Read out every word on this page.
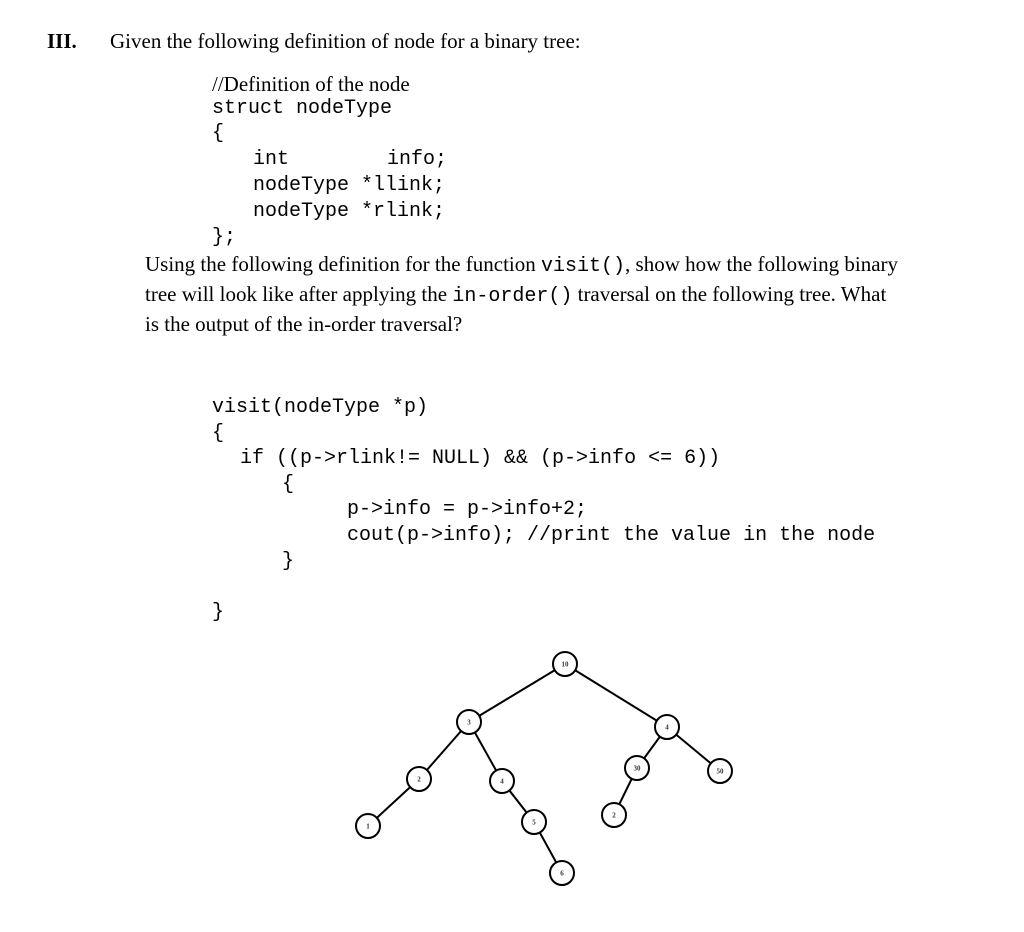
III. Given the following definition of node for a binary tree:
//Definition of the node
struct nodeType
{
int	info;
nodeType *llink;
nodeType *rlink;
};
Using the following definition for the function visit(), show how the following binary
tree will look like after applying the in-order() traversal on the following tree. What
is the output of the in-order traversal?
visit(nodeType *p)
{
if ((p->rlink!= NULL) && (p->info <= 6))
{
p->info = p->info+2;
cout(p->info); //print the value in the node
}
}
10
3
4
2
1
4
5
6
30
2
50
